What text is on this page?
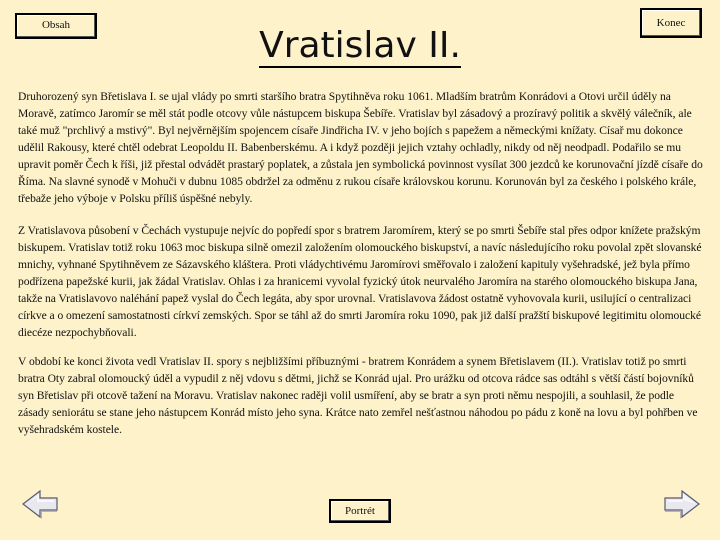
Obsah	Konec
Vratislav II.

Druhorozený syn Břetislava I. se ujal vlády po smrti staršího bratra Spytihněva roku 1061. Mladším bratrům Konrádovi a Otovi určil úděly na Moravě, zatímco Jaromír se měl stát podle otcovy vůle nástupcem biskupa Šebíře. Vratislav byl zásadový a prozíravý politik a skvělý válečník, ale také muž "prchlivý a mstivý". Byl nejvěrnějším spojencem císaře Jindřicha IV. v jeho bojích s papežem a německými knížaty. Císař mu dokonce udělil Rakousy, které chtěl odebrat Leopoldu II. Babenberskému. A i když později jejich vztahy ochladly, nikdy od něj neodpadl. Podařilo se mu upravit poměr Čech k říši, již přestal odvádět prastarý poplatek, a zůstala jen symbolická povinnost vysílat 300 jezdců ke korunovační jízdě císaře do Říma. Na slavné synodě v Mohuči v dubnu 1085 obdržel za odměnu z rukou císaře královskou korunu. Korunován byl za českého i polského krále, třebaže jeho výboje v Polsku příliš úspěšné nebyly.

Z Vratislavova působení v Čechách vystupuje nejvíc do popředí spor s bratrem Jaromírem, který se po smrti Šebíře stal přes odpor knížete pražským biskupem. Vratislav totiž roku 1063 moc biskupa silně omezil založením olomouckého biskupství, a navíc následujícího roku povolal zpět slovanské mnichy, vyhnané Spytihněvem ze Sázavského kláštera. Proti vládychtivému Jaromírovi směřovalo i založení kapituly vyšehradské, jež byla přímo podřízena papežské kurii, jak žádal Vratislav. Ohlas i za hranicemi vyvolal fyzický útok neurvalého Jaromíra na starého olomouckého biskupa Jana, takže na Vratislavovo naléhání papež vyslal do Čech legáta, aby spor urovnal. Vratislavova žádost ostatně vyhovovala kurii, usilující o centralizaci církve a o omezení samostatnosti církví zemských. Spor se táhl až do smrti Jaromíra roku 1090, pak již další pražští biskupové legitimitu olomoucké diecéze nezpochybňovali.

V období ke konci života vedl Vratislav II. spory s nejbližšími příbuznými - bratrem Konrádem a synem Břetislavem (II.). Vratislav totiž po smrti bratra Oty zabral olomoucký úděl a vypudil z něj vdovu s dětmi, jichž se Konrád ujal. Pro urážku od otcova rádce sas odtáhl s větší částí bojovníků syn Břetislav při otcově tažení na Moravu. Vratislav nakonec raději volil usmíření, aby se bratr a syn proti němu nespojili, a souhlasil, že podle zásady seniorátu se stane jeho nástupcem Konrád místo jeho syna. Krátce nato zemřel nešťastnou náhodou po pádu z koně na lovu a byl pohřben ve vyšehradském kostele.

Portrét
